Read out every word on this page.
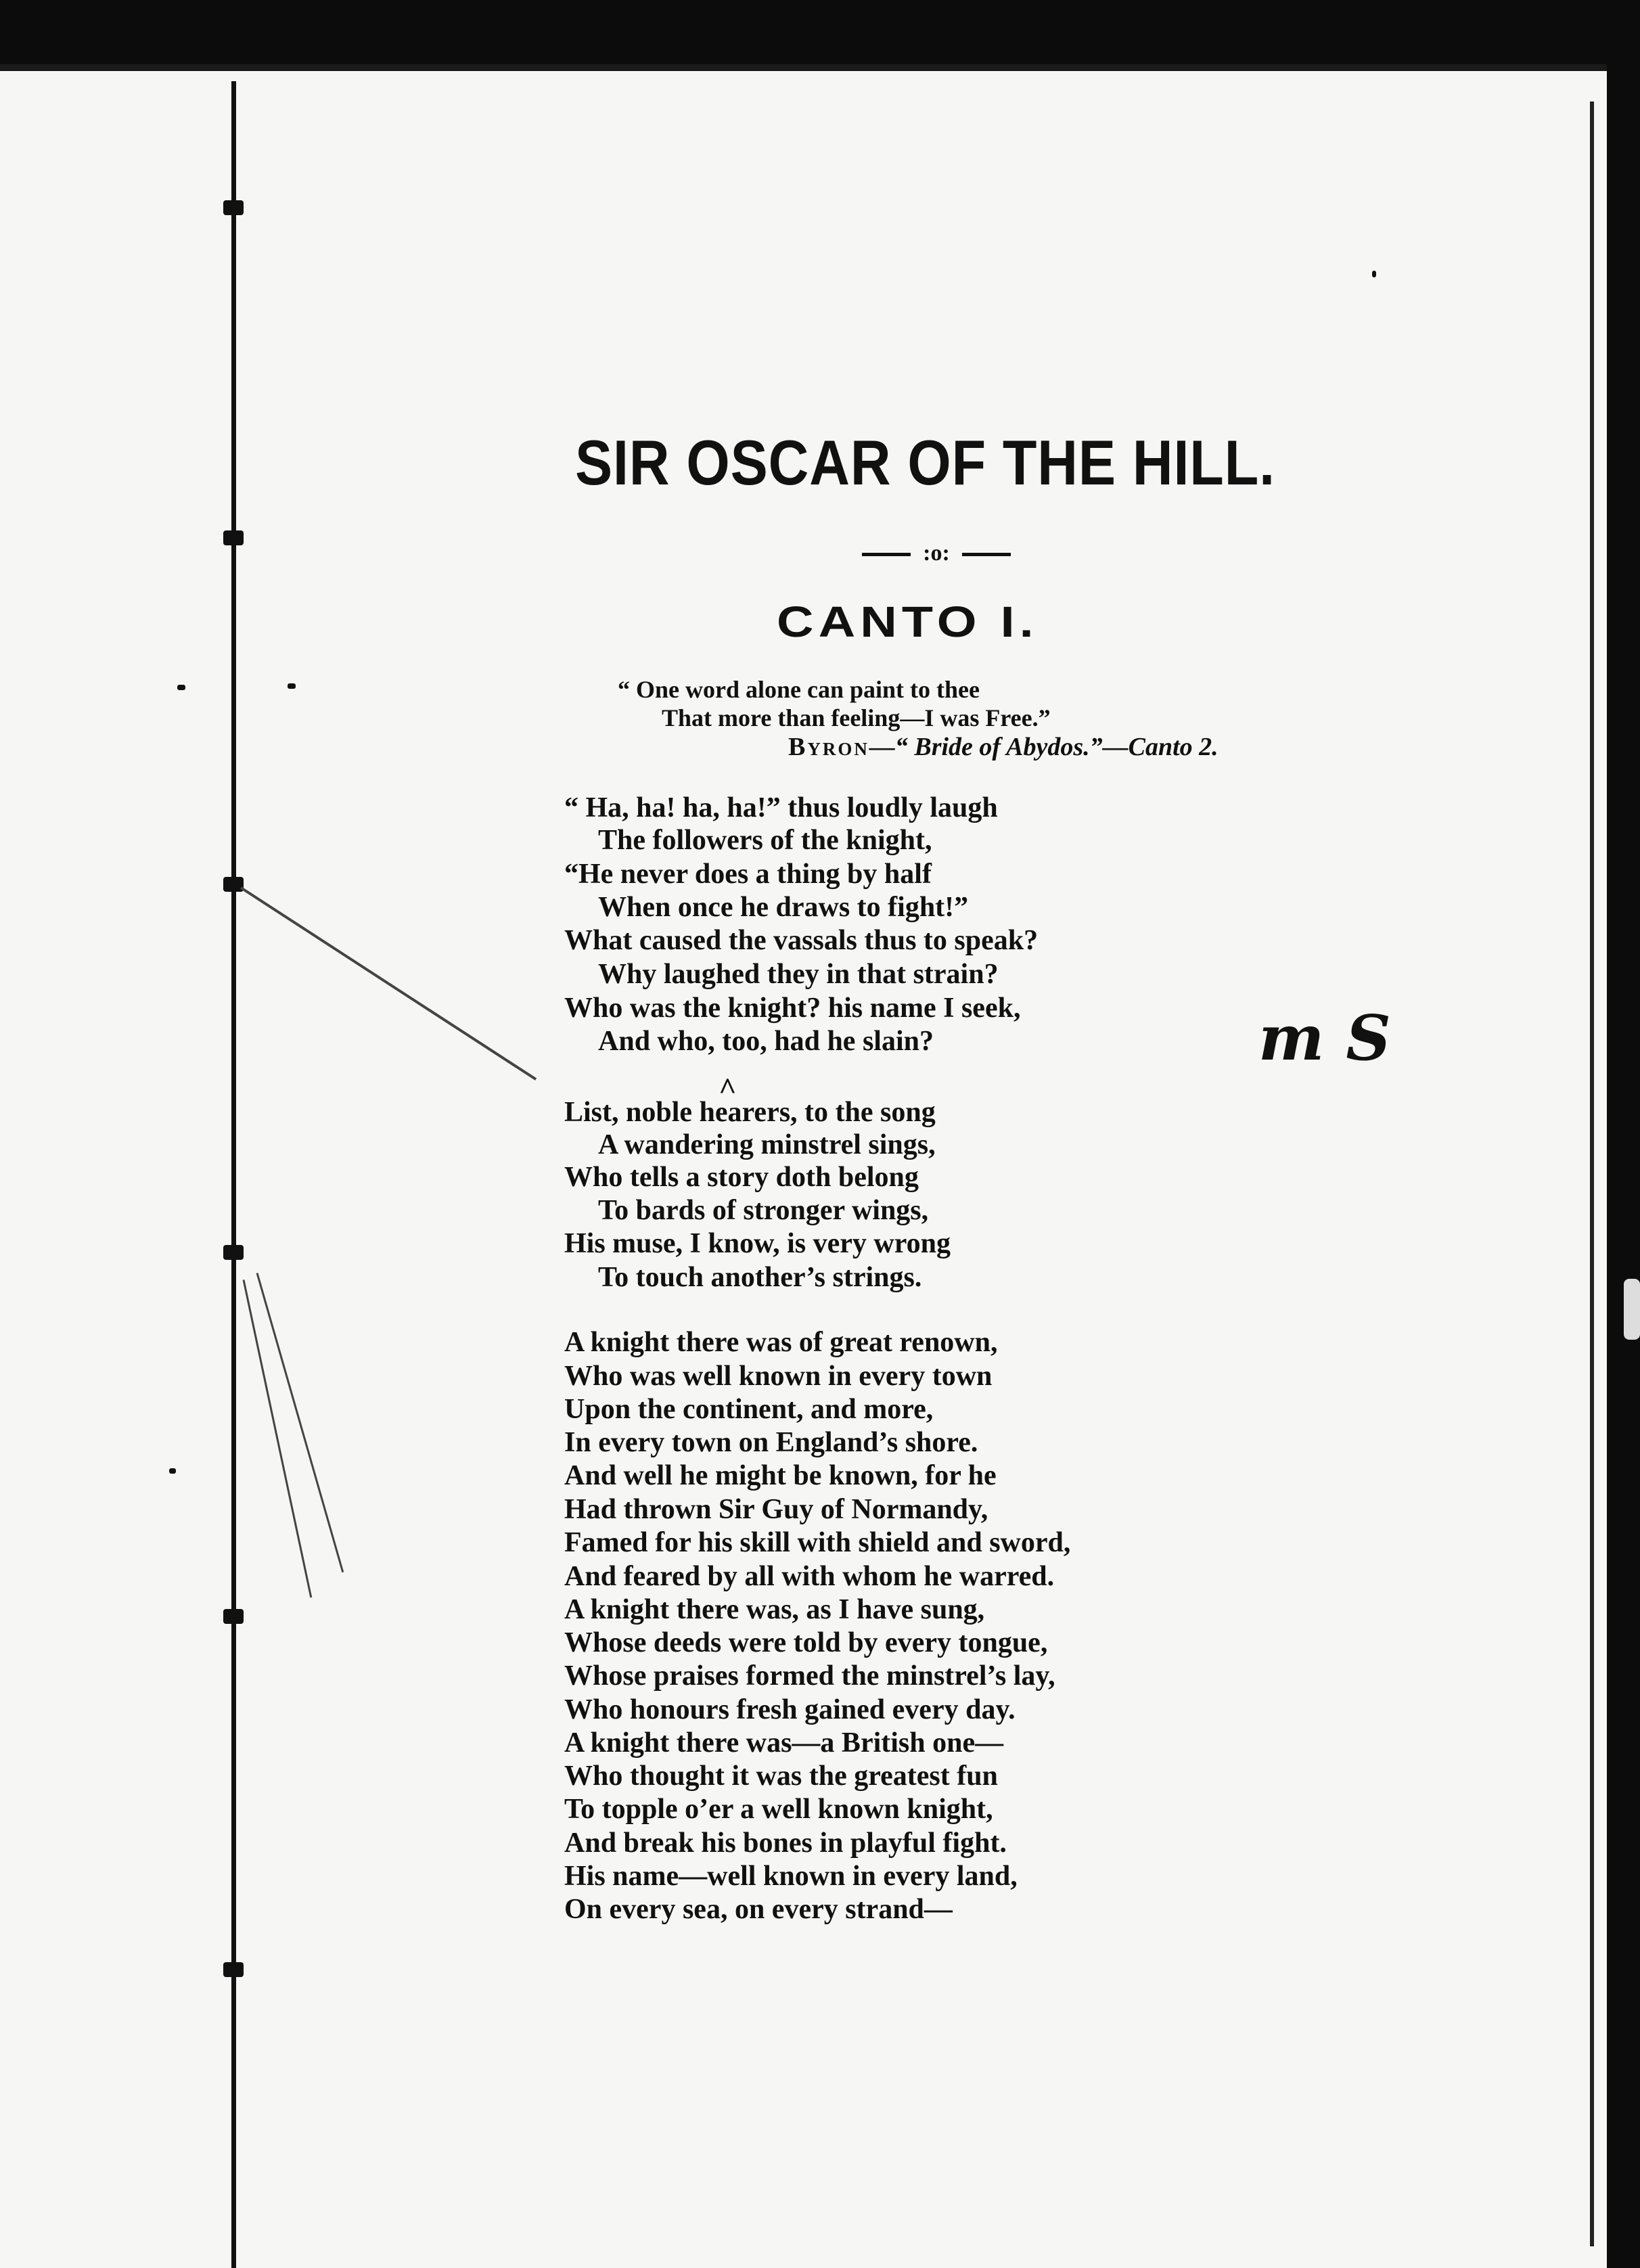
SIR OSCAR OF THE HILL.
:o:
CANTO I.
“ One word alone can paint to thee
That more than feeling—I was Free.”
Byron—“ Bride of Abydos.”—Canto 2.
“ Ha, ha! ha, ha!” thus loudly laugh
The followers of the knight,
“He never does a thing by half
When once he draws to fight!”
What caused the vassals thus to speak?
Why laughed they in that strain?
Who was the knight? his name I seek,
And who, too, had he slain?
^
m S
List, noble hearers, to the song
A wandering minstrel sings,
Who tells a story doth belong
To bards of stronger wings,
His muse, I know, is very wrong
To touch another’s strings.
A knight there was of great renown,
Who was well known in every town
Upon the continent, and more,
In every town on England’s shore.
And well he might be known, for he
Had thrown Sir Guy of Normandy,
Famed for his skill with shield and sword,
And feared by all with whom he warred.
A knight there was, as I have sung,
Whose deeds were told by every tongue,
Whose praises formed the minstrel’s lay,
Who honours fresh gained every day.
A knight there was—a British one—
Who thought it was the greatest fun
To topple o’er a well known knight,
And break his bones in playful fight.
His name—well known in every land,
On every sea, on every strand—
